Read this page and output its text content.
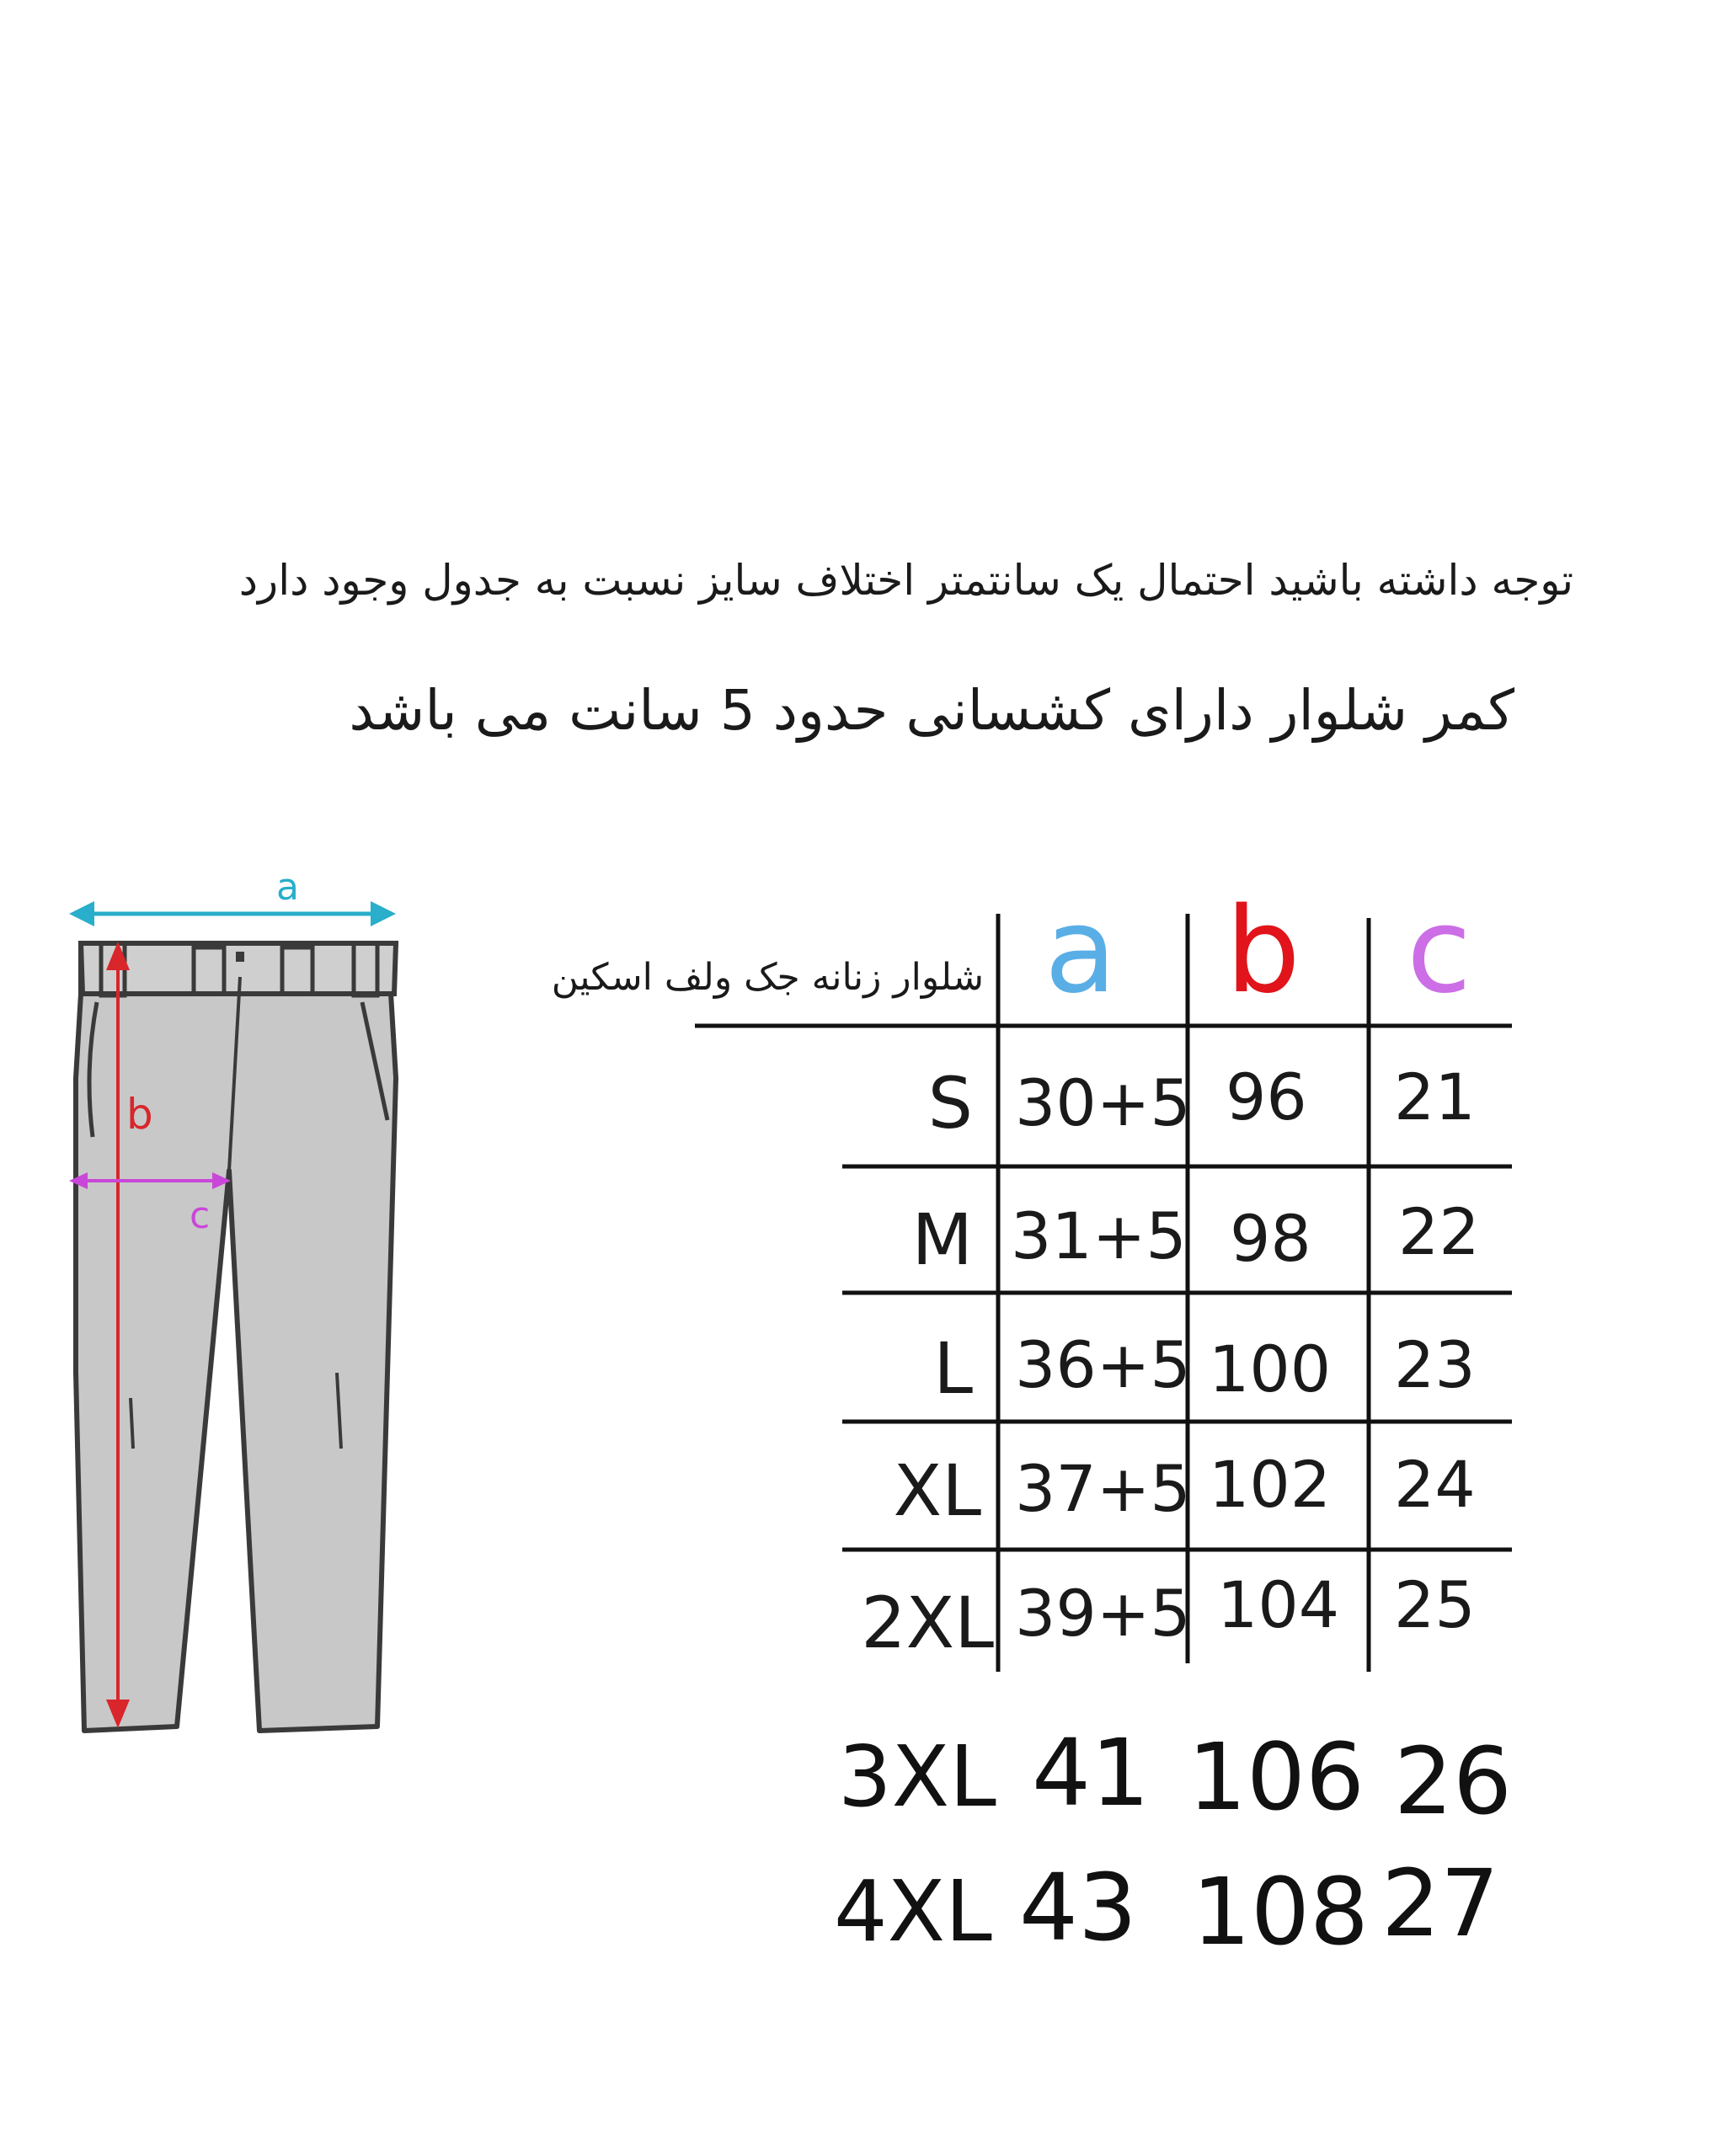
توجه داشته باشید احتمال یک سانتمتر اختلاف سایز نسبت به جدول وجود دارد
کمر شلوار دارای کشسانی حدود 5 سانت می باشد
a
b
c
شلوار زنانه جک ولف اسکین a b c
S 30+5 96 21
M 31+5 98 22
L 36+5 100 23
XL 37+5 102 24
2XL 39+5 104 25
3XL 41 106 26
4XL 43 108 27
